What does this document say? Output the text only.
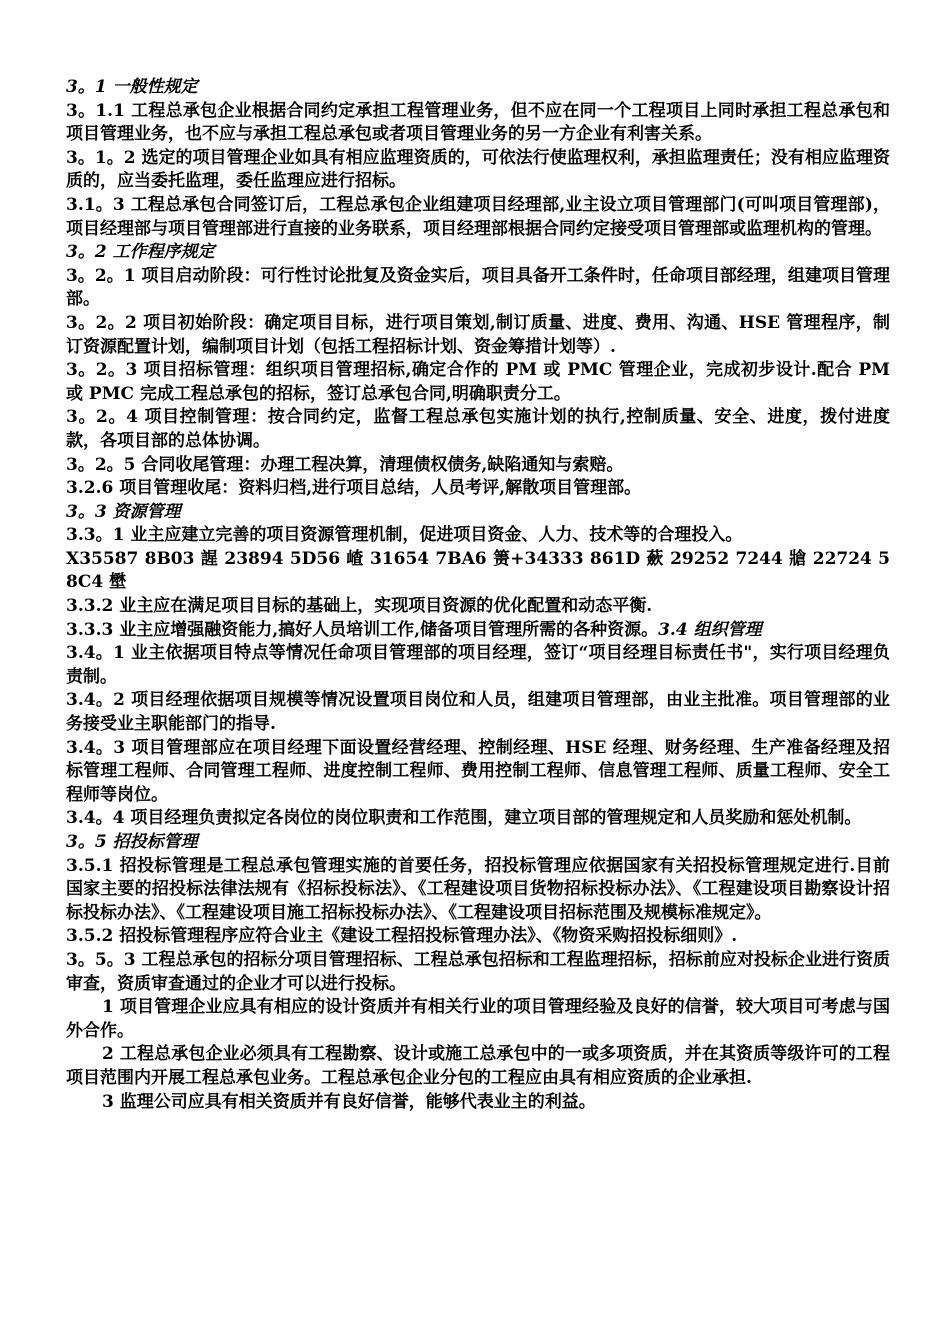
3。1 一般性规定

3。1.1 工程总承包企业根据合同约定承担工程管理业务，但不应在同一个工程项目上同时承担工程总承包和项目管理业务，也不应与承担工程总承包或者项目管理业务的另一方企业有利害关系。

3。1。2 选定的项目管理企业如具有相应监理资质的，可依法行使监理权利，承担监理责任；没有相应监理资质的，应当委托监理，委任监理应进行招标。

3.1。3 工程总承包合同签订后，工程总承包企业组建项目经理部,业主设立项目管理部门(可叫项目管理部)，项目经理部与项目管理部进行直接的业务联系，项目经理部根据合同约定接受项目管理部或监理机构的管理。

3。2 工作程序规定

3。2。1 项目启动阶段：可行性讨论批复及资金实后，项目具备开工条件时，任命项目部经理，组建项目管理部。

3。2。2 项目初始阶段：确定项目目标，进行项目策划,制订质量、进度、费用、沟通、HSE 管理程序，制订资源配置计划，编制项目计划（包括工程招标计划、资金筹措计划等）.

3。2。3 项目招标管理：组织项目管理招标,确定合作的 PM 或 PMC 管理企业，完成初步设计.配合 PM 或 PMC 完成工程总承包的招标，签订总承包合同,明确职责分工。

3。2。4 项目控制管理：按合同约定，监督工程总承包实施计划的执行,控制质量、安全、进度，拨付进度款，各项目部的总体协调。

3。2。5 合同收尾管理：办理工程决算，清理债权债务,缺陷通知与索赔。

3.2.6 项目管理收尾：资料归档,进行项目总结，人员考评,解散项目管理部。

3。3 资源管理

3.3。1 业主应建立完善的项目资源管理机制，促进项目资金、人力、技术等的合理投入。

X35587 8B03 謃 23894 5D56 嵖 31654 7BA6 箦+34333 861D 蘝 29252 7244 牄 22724 58C4 壄

3.3.2 业主应在满足项目目标的基础上，实现项目资源的优化配置和动态平衡.

3.3.3 业主应增强融资能力,搞好人员培训工作,储备项目管理所需的各种资源。3.4 组织管理

3.4。1 业主依据项目特点等情况任命项目管理部的项目经理，签订“项目经理目标责任书"，实行项目经理负责制。

3.4。2 项目经理依据项目规模等情况设置项目岗位和人员，组建项目管理部，由业主批准。项目管理部的业务接受业主职能部门的指导.

3.4。3 项目管理部应在项目经理下面设置经营经理、控制经理、HSE 经理、财务经理、生产准备经理及招标管理工程师、合同管理工程师、进度控制工程师、费用控制工程师、信息管理工程师、质量工程师、安全工程师等岗位。

3.4。4 项目经理负责拟定各岗位的岗位职责和工作范围，建立项目部的管理规定和人员奖励和惩处机制。

3。5 招投标管理

3.5.1 招投标管理是工程总承包管理实施的首要任务，招投标管理应依据国家有关招投标管理规定进行.目前国家主要的招投标法律法规有《招标投标法》、《工程建设项目货物招标投标办法》、《工程建设项目勘察设计招标投标办法》、《工程建设项目施工招标投标办法》、《工程建设项目招标范围及规模标准规定》。

3.5.2 招投标管理程序应符合业主《建设工程招投标管理办法》、《物资采购招投标细则》.

3。5。3 工程总承包的招标分项目管理招标、工程总承包招标和工程监理招标，招标前应对投标企业进行资质审查，资质审查通过的企业才可以进行投标。

1 项目管理企业应具有相应的设计资质并有相关行业的项目管理经验及良好的信誉，较大项目可考虑与国外合作。

2 工程总承包企业必须具有工程勘察、设计或施工总承包中的一或多项资质，并在其资质等级许可的工程项目范围内开展工程总承包业务。工程总承包企业分包的工程应由具有相应资质的企业承担.

3 监理公司应具有相关资质并有良好信誉，能够代表业主的利益。
